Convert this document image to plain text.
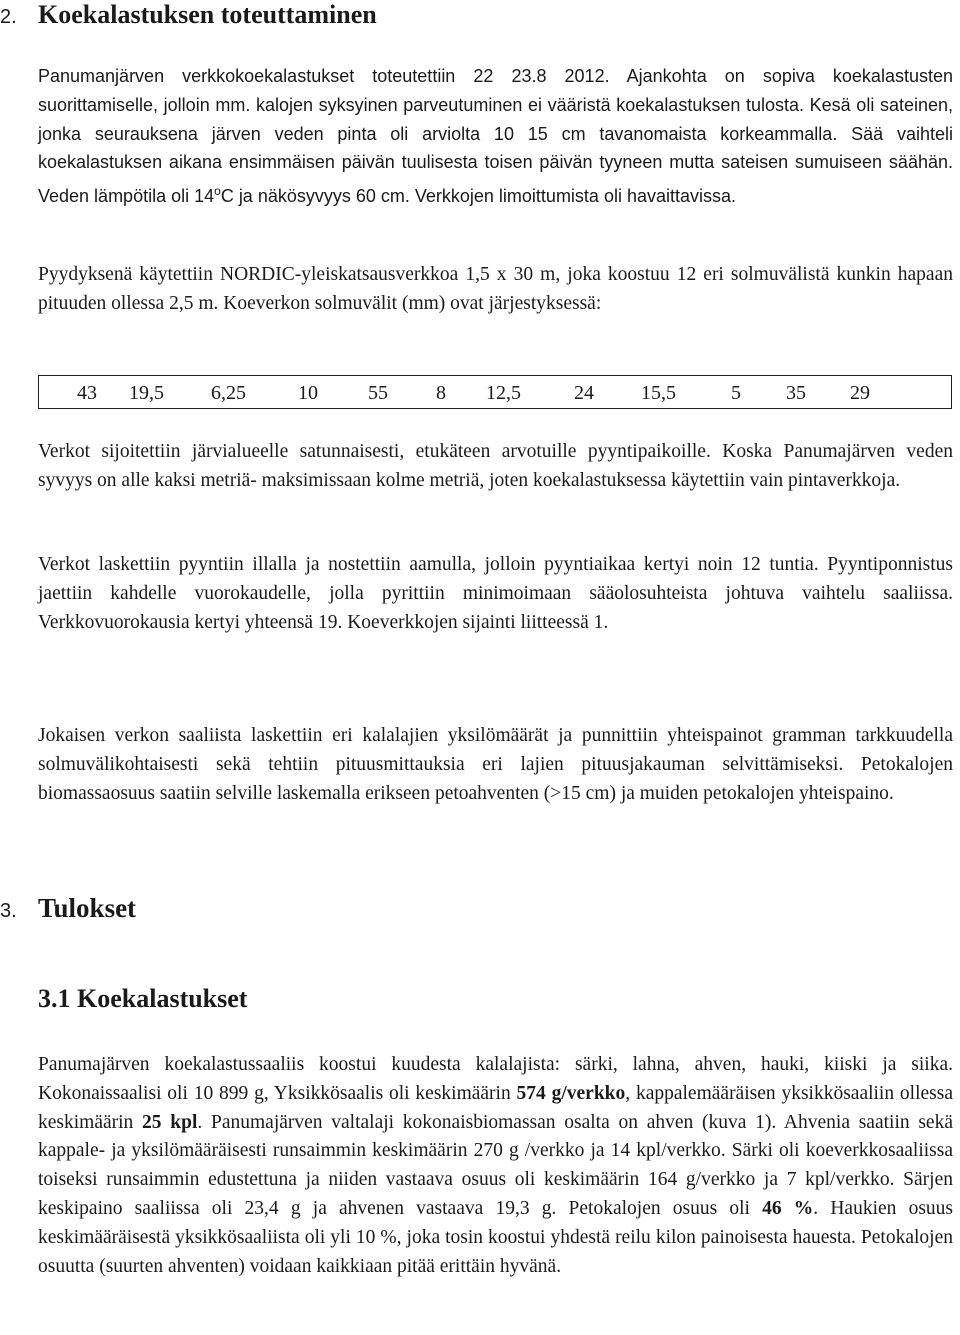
2. Koekalastuksen toteuttaminen
Panumanjärven verkkokoekalastukset toteutettiin 22 23.8 2012. Ajankohta on sopiva koekalastusten suorittamiselle, jolloin mm. kalojen syksyinen parveutuminen ei vääristä koekalastuksen tulosta. Kesä oli sateinen, jonka seurauksena järven veden pinta oli arviolta 10 15 cm tavanomaista korkeammalla. Sää vaihteli koekalastuksen aikana ensimmäisen päivän tuulisesta toisen päivän tyyneen mutta sateisen sumuiseen säähän. Veden lämpötila oli 14$^o$C ja näkösyvyys 60 cm. Verkkojen limoittumista oli havaittavissa.
Pyydyksenä käytettiin NORDIC-yleiskatsausverkkoa 1,5 x 30 m, joka koostuu 12 eri solmuvälistä kunkin hapaan pituuden ollessa 2,5 m. Koeverkon solmuvälit (mm) ovat järjestyksessä:
43	19,5	6,25	10	55	8	12,5	24	15,5	5	35	29
Verkot sijoitettiin järvialueelle satunnaisesti, etukäteen arvotuille pyyntipaikoille. Koska Panumajärven veden syvyys on alle kaksi metriä- maksimissaan kolme metriä, joten koekalastuksessa käytettiin vain pintaverkkoja.
Verkot laskettiin pyyntiin illalla ja nostettiin aamulla, jolloin pyyntiaikaa kertyi noin 12 tuntia. Pyyntiponnistus jaettiin kahdelle vuorokaudelle, jolla pyrittiin minimoimaan sääolosuhteista johtuva vaihtelu saaliissa. Verkkovuorokausia kertyi yhteensä 19. Koeverkkojen sijainti liitteessä 1.
Jokaisen verkon saaliista laskettiin eri kalalajien yksilömäärät ja punnittiin yhteispainot gramman tarkkuudella solmuvälikohtaisesti sekä tehtiin pituusmittauksia eri lajien pituusjakauman selvittämiseksi. Petokalojen biomassaosuus saatiin selville laskemalla erikseen petoahventen (>15 cm) ja muiden petokalojen yhteispaino.
3. Tulokset
3.1 Koekalastukset
Panumajärven koekalastussaaliis koostui kuudesta kalalajista: särki, lahna, ahven, hauki, kiiski ja siika. Kokonaissaalisi oli 10 899 g, Yksikkösaalis oli keskimäärin 574 g/verkko, kappalemääräisen yksikkösaaliin ollessa keskimäärin 25 kpl. Panumajärven valtalaji kokonaisbiomassan osalta on ahven (kuva 1). Ahvenia saatiin sekä kappale- ja yksilömääräisesti runsaimmin keskimäärin 270 g /verkko ja 14 kpl/verkko. Särki oli koeverkkosaaliissa toiseksi runsaimmin edustettuna ja niiden vastaava osuus oli keskimäärin 164 g/verkko ja 7 kpl/verkko. Särjen keskipaino saaliissa oli 23,4 g ja ahvenen vastaava 19,3 g. Petokalojen osuus oli 46 %. Haukien osuus keskimääräisestä yksikkösaaliista oli yli 10 %, joka tosin koostui yhdestä reilu kilon painoisesta hauesta. Petokalojen osuutta (suurten ahventen) voidaan kaikkiaan pitää erittäin hyvänä.
